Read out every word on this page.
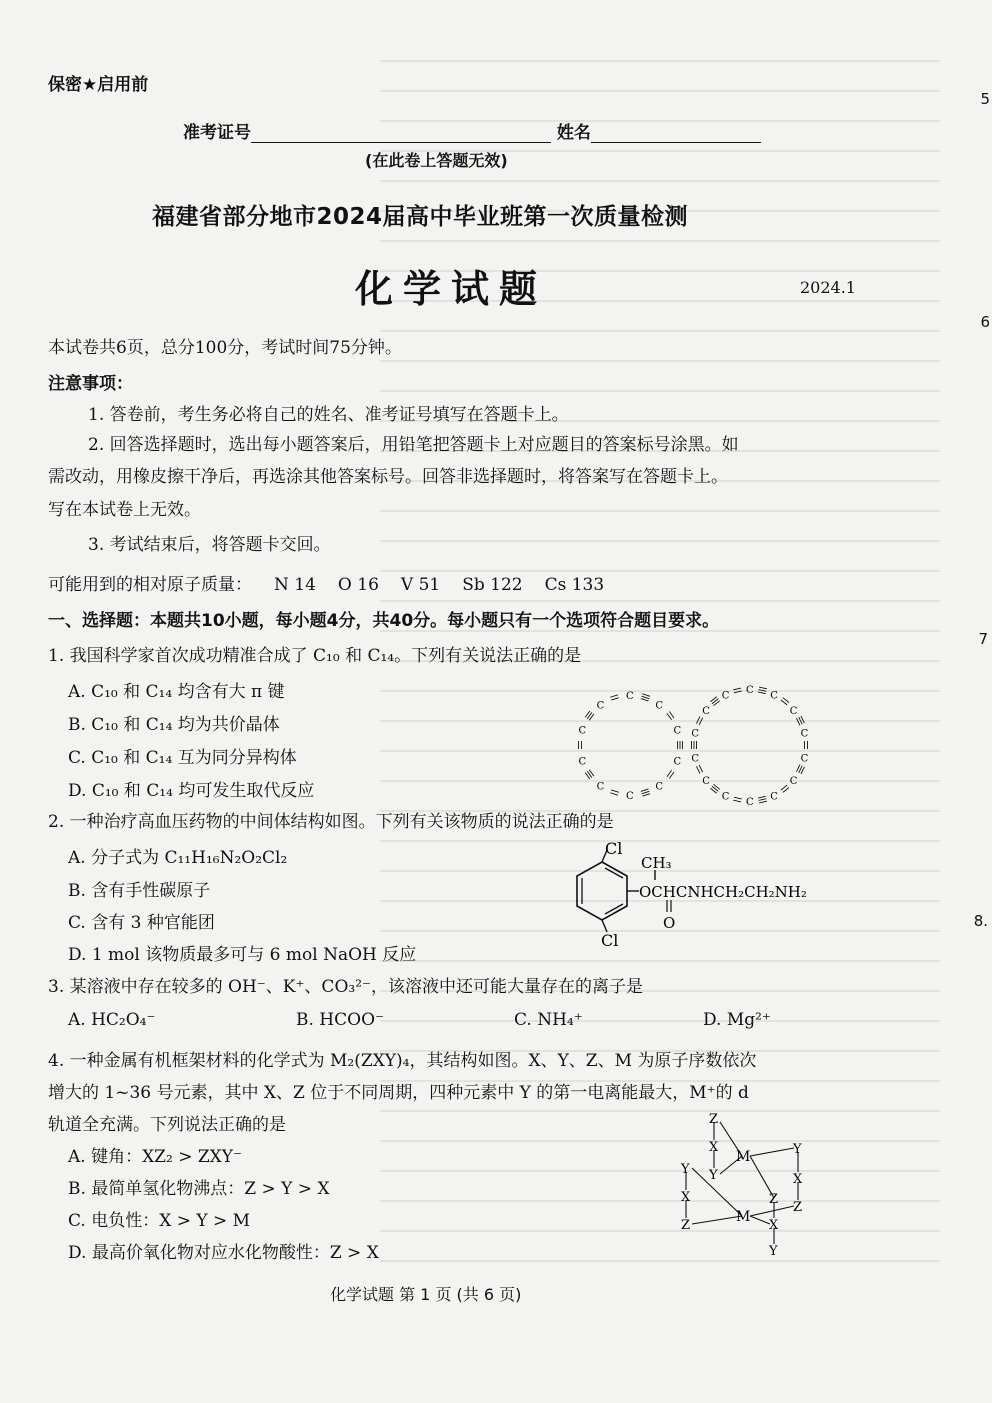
5
6
7
8.
保密★启用前
准考证号	姓名
(在此卷上答题无效)
福建省部分地市2024届高中毕业班第一次质量检测
化学试题	2024.1

本试卷共6页，总分100分，考试时间75分钟。

注意事项：

1. 答卷前，考生务必将自己的姓名、准考证号填写在答题卡上。

2. 回答选择题时，选出每小题答案后，用铅笔把答题卡上对应题目的答案标号涂黑。如

需改动，用橡皮擦干净后，再选涂其他答案标号。回答非选择题时，将答案写在答题卡上。

写在本试卷上无效。

3. 考试结束后，将答题卡交回。

可能用到的相对原子质量： N 14 O 16 V 51 Sb 122 Cs 133

一、选择题：本题共10小题，每小题4分，共40分。每小题只有一个选项符合题目要求。

1. 我国科学家首次成功精准合成了 C₁₀ 和 C₁₄。下列有关说法正确的是

A. C₁₀ 和 C₁₄ 均含有大 π 键
B. C₁₀ 和 C₁₄ 均为共价晶体
C. C₁₀ 和 C₁₄ 互为同分异构体
D. C₁₀ 和 C₁₄ 均可发生取代反应
C
C
C
C
C
C
C
C
C
C
C
C
C
C
C
C
C
C
C
C
C
C
C
C

2. 一种治疗高血压药物的中间体结构如图。下列有关该物质的说法正确的是

A. 分子式为 C₁₁H₁₆N₂O₂Cl₂
B. 含有手性碳原子
C. 含有 3 种官能团
D. 1 mol 该物质最多可与 6 mol NaOH 反应
Cl
Cl
CH₃
OCHCNHCH₂CH₂NH₂
O

3. 某溶液中存在较多的 OH⁻、K⁺、CO₃²⁻，该溶液中还可能大量存在的离子是

A. HC₂O₄⁻	B. HCOO⁻	C. NH₄⁺	D. Mg²⁺

4. 一种金属有机框架材料的化学式为 M₂(ZXY)₄，其结构如图。X、Y、Z、M 为原子序数依次

增大的 1~36 号元素，其中 X、Z 位于不同周期，四种元素中 Y 的第一电离能最大，M⁺的 d

轨道全充满。下列说法正确的是

A. 键角：XZ₂ > ZXY⁻
B. 最简单氢化物沸点：Z > Y > X
C. 电负性：X > Y > M
D. 最高价氧化物对应水化物酸性：Z > X
M
M
Z
X
Y
Y
X
Z
Y
X
Z
Z
X
Y
化学试题 第 1 页 (共 6 页)
